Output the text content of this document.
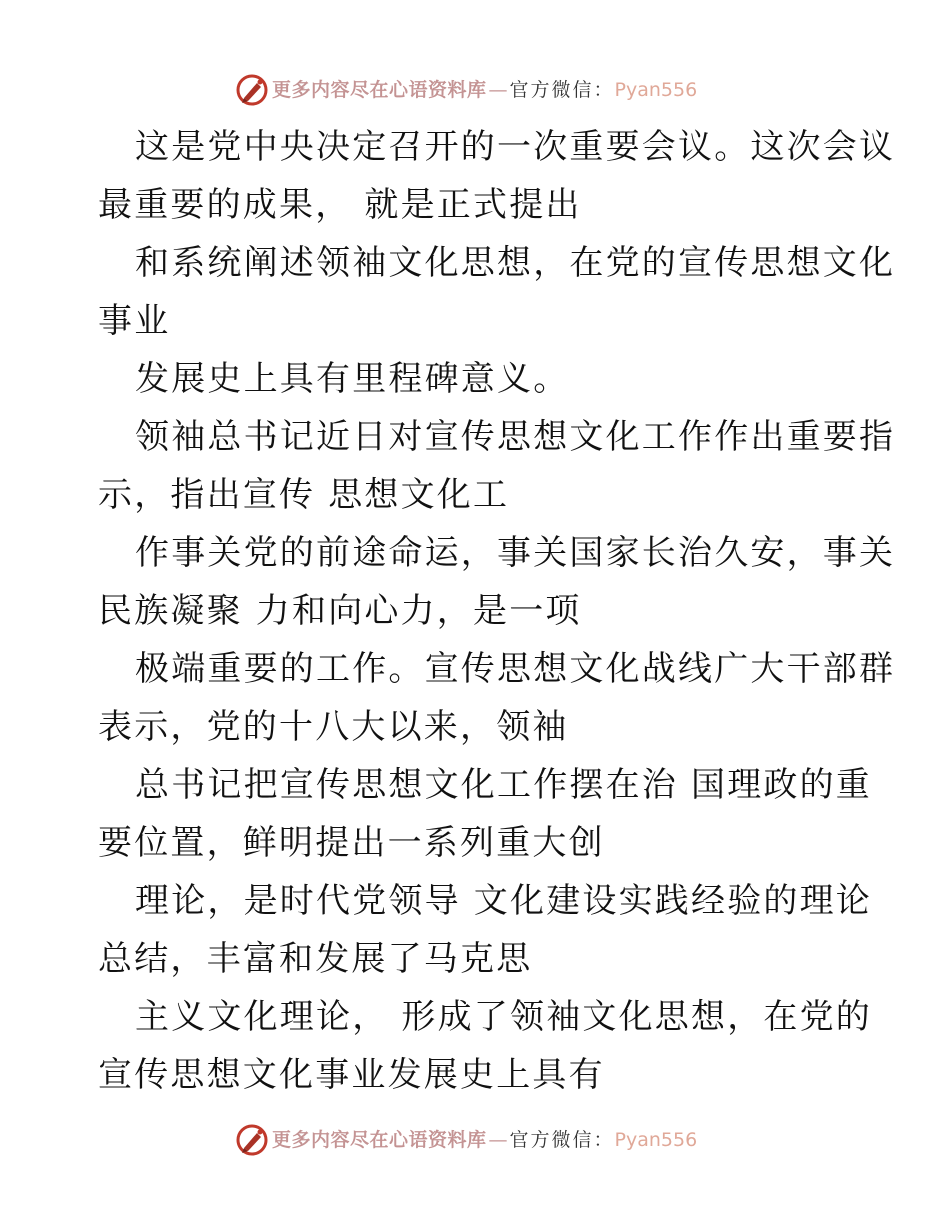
更多内容尽在心语资料库 — 官方微信： Pyan556
这是党中央决定召开的一次重要会议。这次会议
最重要的成果， 就是正式提出
和系统阐述领袖文化思想，在党的宣传思想文化
事业
发展史上具有里程碑意义。
领袖总书记近日对宣传思想文化工作作出重要指
示，指出宣传 思想文化工
作事关党的前途命运，事关国家长治久安，事关
民族凝聚 力和向心力，是一项
极端重要的工作。宣传思想文化战线广大干部群
表示，党的十八大以来，领袖
总书记把宣传思想文化工作摆在治 国理政的重
要位置，鲜明提出一系列重大创
理论，是时代党领导 文化建设实践经验的理论
总结，丰富和发展了马克思
主义文化理论， 形成了领袖文化思想，在党的
宣传思想文化事业发展史上具有
更多内容尽在心语资料库 — 官方微信： Pyan556
